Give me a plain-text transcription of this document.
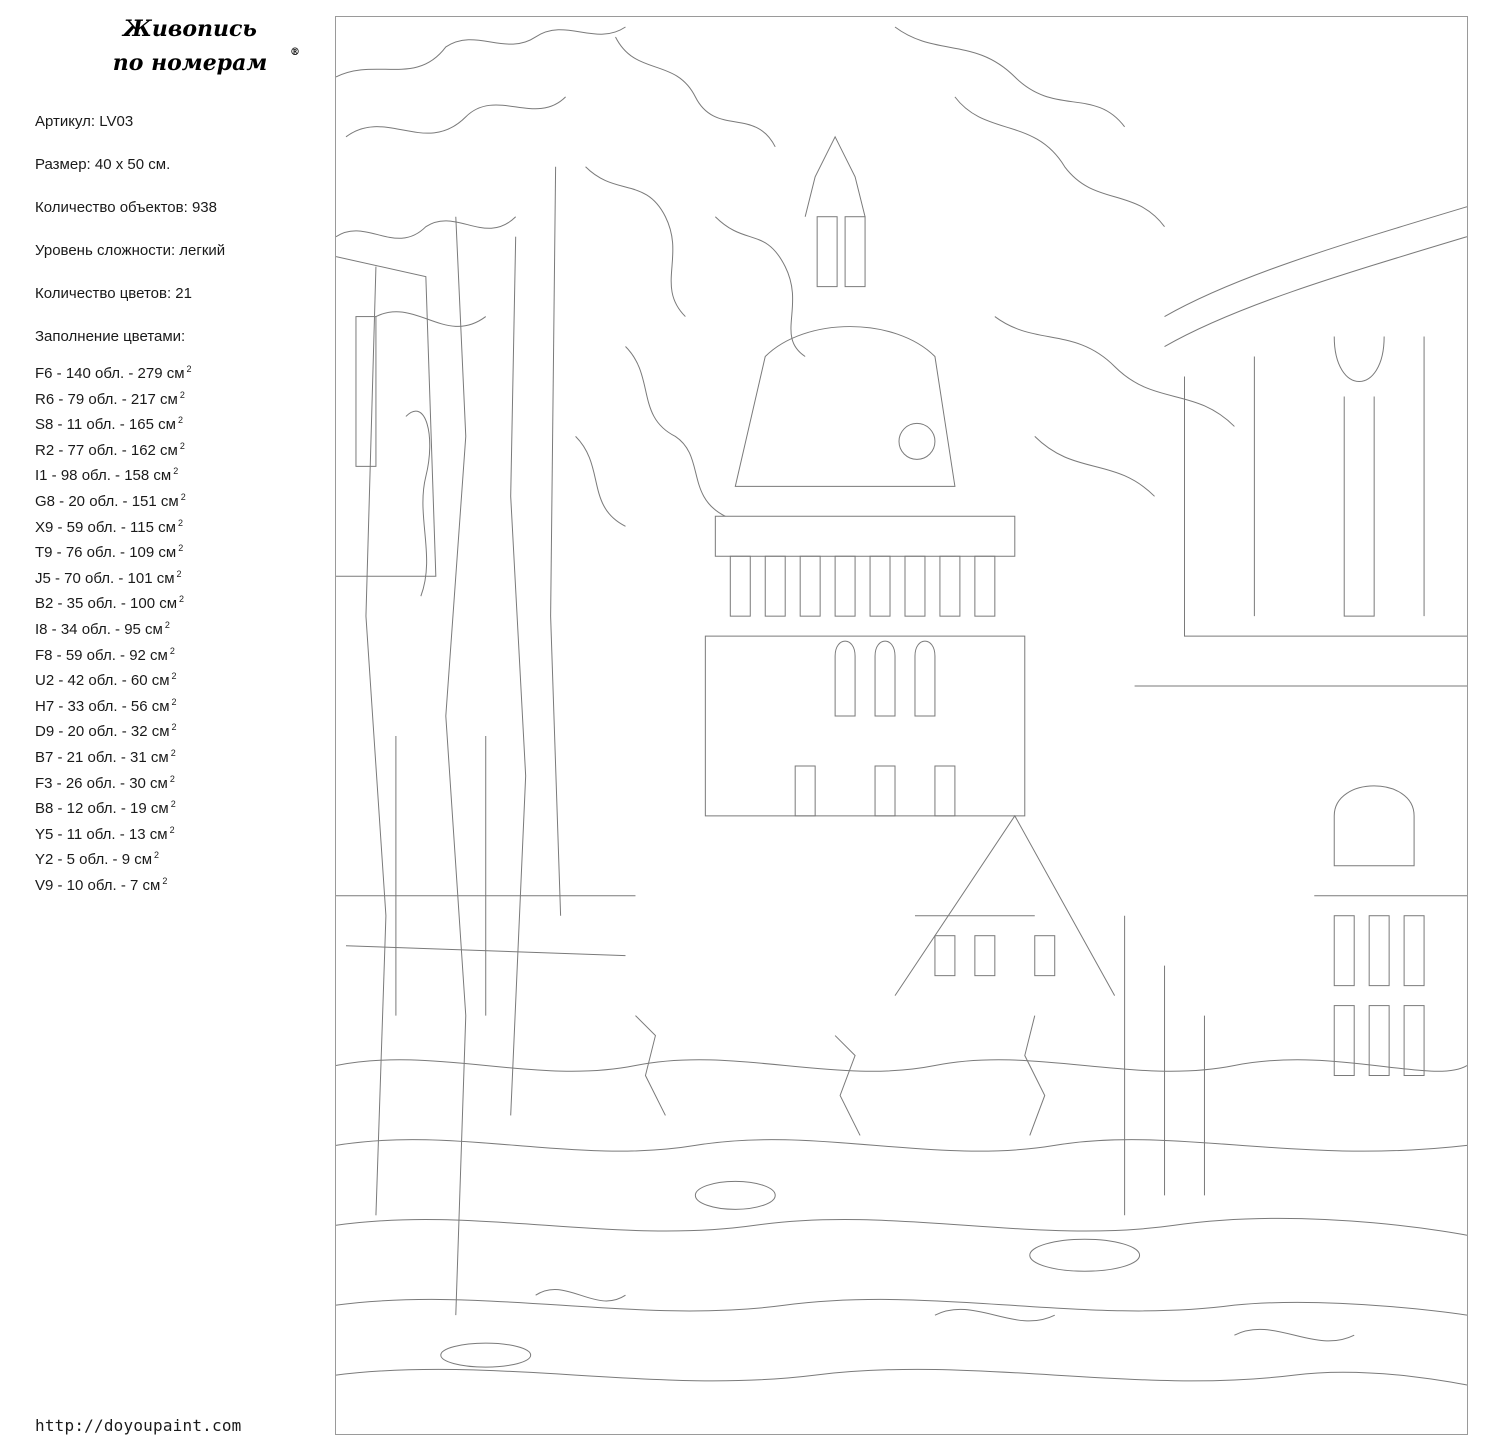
Живопись
по номерам ®
Артикул: LV03
Размер: 40 х 50 см.
Количество объектов: 938
Уровень сложности: легкий
Количество цветов: 21
Заполнение цветами:
F6 - 140 обл. - 279 см $^2$
R6 - 79 обл. - 217 см $^2$
S8 - 11 обл. - 165 см $^2$
R2 - 77 обл. - 162 см $^2$
I1 - 98 обл. - 158 см $^2$
G8 - 20 обл. - 151 см $^2$
X9 - 59 обл. - 115 см $^2$
T9 - 76 обл. - 109 см $^2$
J5 - 70 обл. - 101 см $^2$
B2 - 35 обл. - 100 см $^2$
I8 - 34 обл. - 95 см $^2$
F8 - 59 обл. - 92 см $^2$
U2 - 42 обл. - 60 см $^2$
H7 - 33 обл. - 56 см $^2$
D9 - 20 обл. - 32 см $^2$
B7 - 21 обл. - 31 см $^2$
F3 - 26 обл. - 30 см $^2$
B8 - 12 обл. - 19 см $^2$
Y5 - 11 обл. - 13 см $^2$
Y2 - 5 обл. - 9 см $^2$
V9 - 10 обл. - 7 см $^2$
http://doyoupaint.com
